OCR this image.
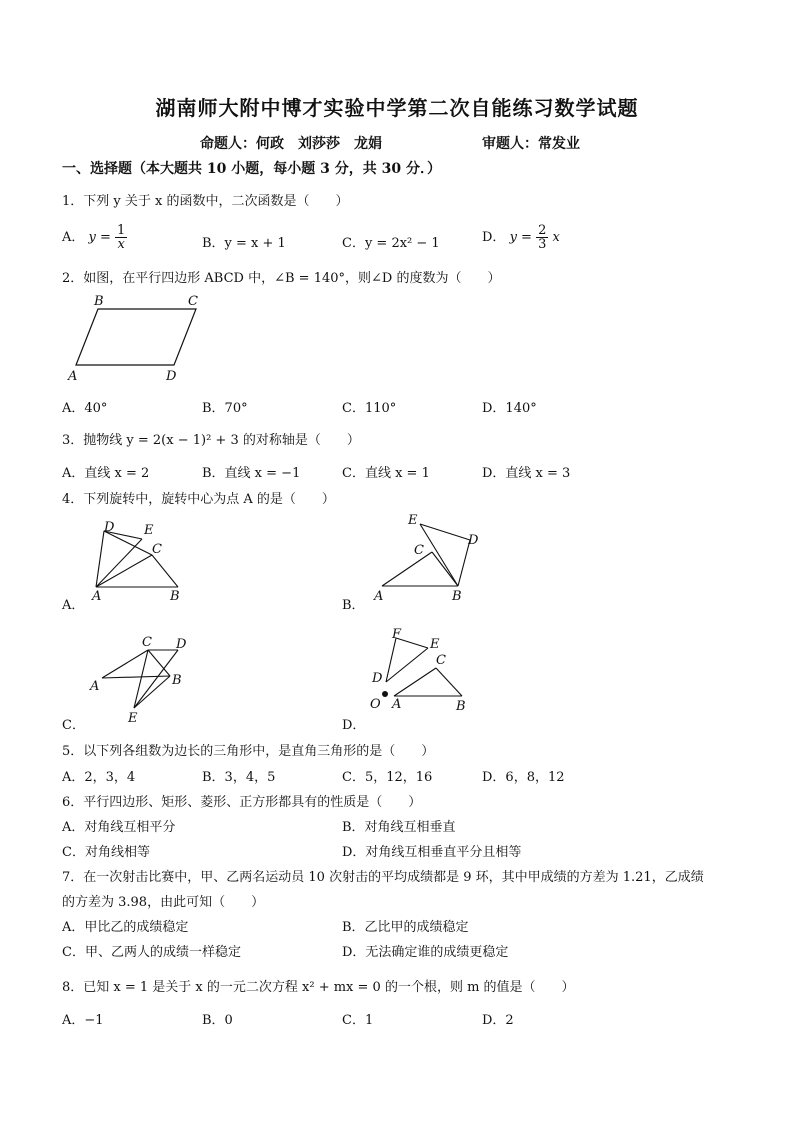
湖南师大附中博才实验中学第二次自能练习数学试题
命题人：何政　刘莎莎　龙娟	审题人：常发业
一、选择题（本大题共 10 小题，每小题 3 分，共 30 分．）
1．下列 y 关于 x 的函数中，二次函数是（　　）
A． $y = \frac{1}{x}$	B．y = x + 1	C．y = 2x² − 1	D． $y = \frac{2}{3}$ x
2．如图，在平行四边形 ABCD 中，∠B = 140°，则∠D 的度数为（　　）
B	C
A	D
A．40°	B．70°	C．110°	D．140°
3．抛物线 y = 2(x − 1)² + 3 的对称轴是（　　）
A．直线 x = 2	B．直线 x = −1	C．直线 x = 1	D．直线 x = 3
4．下列旋转中，旋转中心为点 A 的是（　　）
D E
C
A	B
A．
E
D
C
A	B
B．
C D
A	B
E
C．
F
E
C
D
O A	B
D．
5．以下列各组数为边长的三角形中，是直角三角形的是（　　）
A．2，3，4	B．3，4，5	C．5，12，16	D．6，8，12
6．平行四边形、矩形、菱形、正方形都具有的性质是（　　）
A．对角线互相平分	B．对角线互相垂直
C．对角线相等	D．对角线互相垂直平分且相等
7．在一次射击比赛中，甲、乙两名运动员 10 次射击的平均成绩都是 9 环，其中甲成绩的方差为 1.21，乙成绩
的方差为 3.98，由此可知（　　）
A．甲比乙的成绩稳定	B．乙比甲的成绩稳定
C．甲、乙两人的成绩一样稳定	D．无法确定谁的成绩更稳定
8．已知 x = 1 是关于 x 的一元二次方程 x² + mx = 0 的一个根，则 m 的值是（　　）
A．−1	B．0	C．1	D．2
